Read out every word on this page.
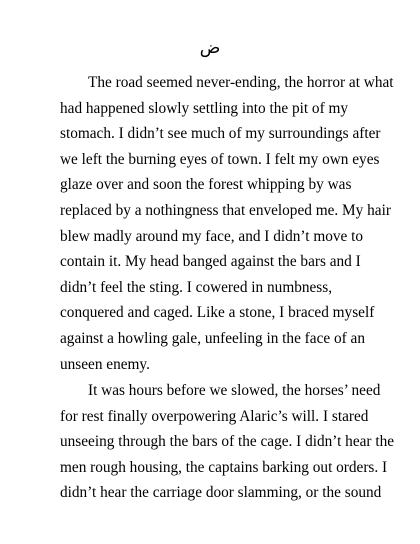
ض
The road seemed never-ending, the horror at what
had happened slowly settling into the pit of my
stomach. I didn’t see much of my surroundings after
we left the burning eyes of town. I felt my own eyes
glaze over and soon the forest whipping by was
replaced by a nothingness that enveloped me. My hair
blew madly around my face, and I didn’t move to
contain it. My head banged against the bars and I
didn’t feel the sting. I cowered in numbness,
conquered and caged. Like a stone, I braced myself
against a howling gale, unfeeling in the face of an
unseen enemy.
It was hours before we slowed, the horses’ need
for rest finally overpowering Alaric’s will. I stared
unseeing through the bars of the cage. I didn’t hear the
men rough housing, the captains barking out orders. I
didn’t hear the carriage door slamming, or the sound
